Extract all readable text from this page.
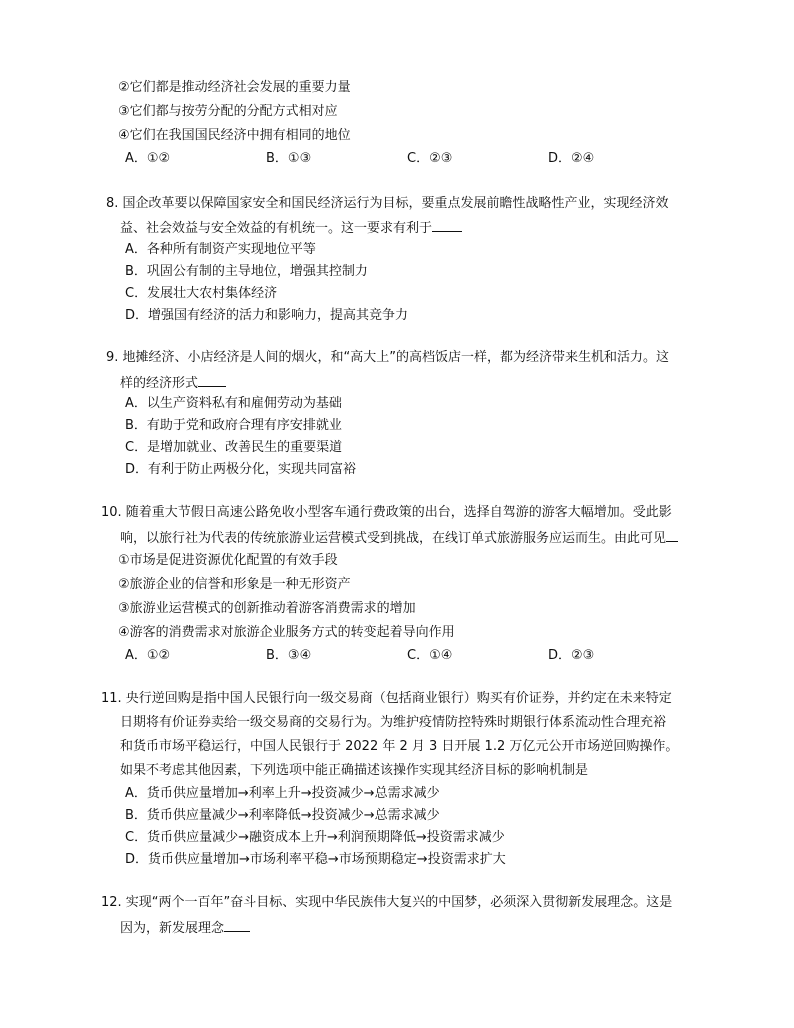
②它们都是推动经济社会发展的重要力量
③它们都与按劳分配的分配方式相对应
④它们在我国国民经济中拥有相同的地位
A．①②	B．①③	C．②③	D．②④
8. 国企改革要以保障国家安全和国民经济运行为目标，要重点发展前瞻性战略性产业，实现经济效
益、社会效益与安全效益的有机统一。这一要求有利于
A．各种所有制资产实现地位平等
B．巩固公有制的主导地位，增强其控制力
C．发展壮大农村集体经济
D．增强国有经济的活力和影响力，提高其竞争力
9. 地摊经济、小店经济是人间的烟火，和“高大上”的高档饭店一样，都为经济带来生机和活力。这
样的经济形式
A．以生产资料私有和雇佣劳动为基础
B．有助于党和政府合理有序安排就业
C．是增加就业、改善民生的重要渠道
D．有利于防止两极分化，实现共同富裕
10. 随着重大节假日高速公路免收小型客车通行费政策的出台，选择自驾游的游客大幅增加。受此影
响，以旅行社为代表的传统旅游业运营模式受到挑战，在线订单式旅游服务应运而生。由此可见
①市场是促进资源优化配置的有效手段
②旅游企业的信誉和形象是一种无形资产
③旅游业运营模式的创新推动着游客消费需求的增加
④游客的消费需求对旅游企业服务方式的转变起着导向作用
A．①②	B．③④	C．①④	D．②③
11. 央行逆回购是指中国人民银行向一级交易商（包括商业银行）购买有价证券，并约定在未来特定
日期将有价证券卖给一级交易商的交易行为。为维护疫情防控特殊时期银行体系流动性合理充裕
和货币市场平稳运行，中国人民银行于 2022 年 2 月 3 日开展 1.2 万亿元公开市场逆回购操作。
如果不考虑其他因素，下列选项中能正确描述该操作实现其经济目标的影响机制是
A．货币供应量增加→利率上升→投资减少→总需求减少
B．货币供应量减少→利率降低→投资减少→总需求减少
C．货币供应量减少→融资成本上升→利润预期降低→投资需求减少
D．货币供应量增加→市场利率平稳→市场预期稳定→投资需求扩大
12. 实现“两个一百年”奋斗目标、实现中华民族伟大复兴的中国梦，必须深入贯彻新发展理念。这是
因为，新发展理念
